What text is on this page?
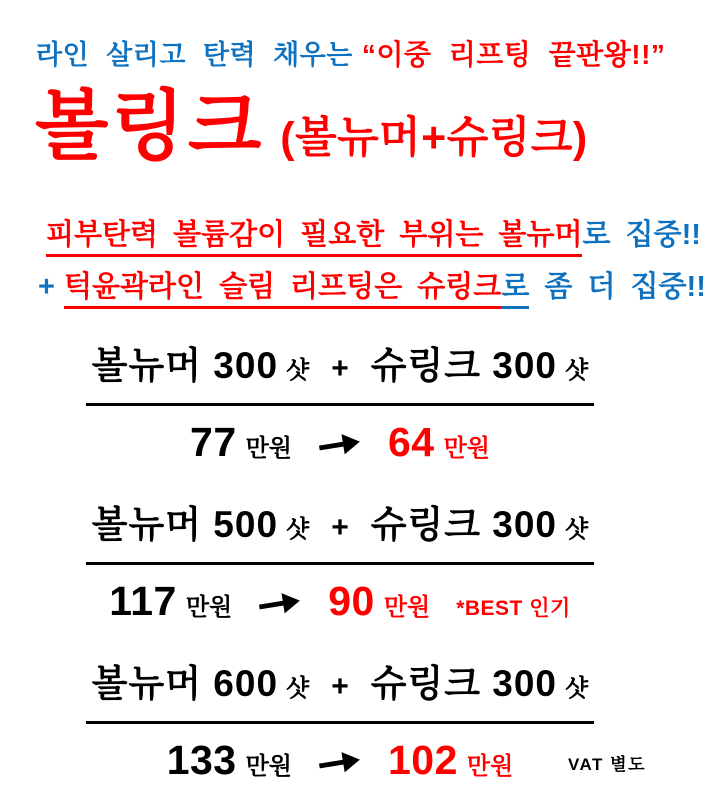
라인 살리고 탄력 채우는 “이중 리프팅 끝판왕!!”
볼링크 (볼뉴머+슈링크)
피부탄력 볼륨감이 필요한 부위는 볼뉴머로 집중!!
+ 턱윤곽라인 슬림 리프팅은 슈링크로 좀 더 집중!!
볼뉴머 300 샷 + 슈링크 300 샷
77 만원 64 만원
볼뉴머 500 샷 + 슈링크 300 샷
117 만원 90 만원 *BEST 인기
볼뉴머 600 샷 + 슈링크 300 샷
133 만원 102 만원	VAT 별도
